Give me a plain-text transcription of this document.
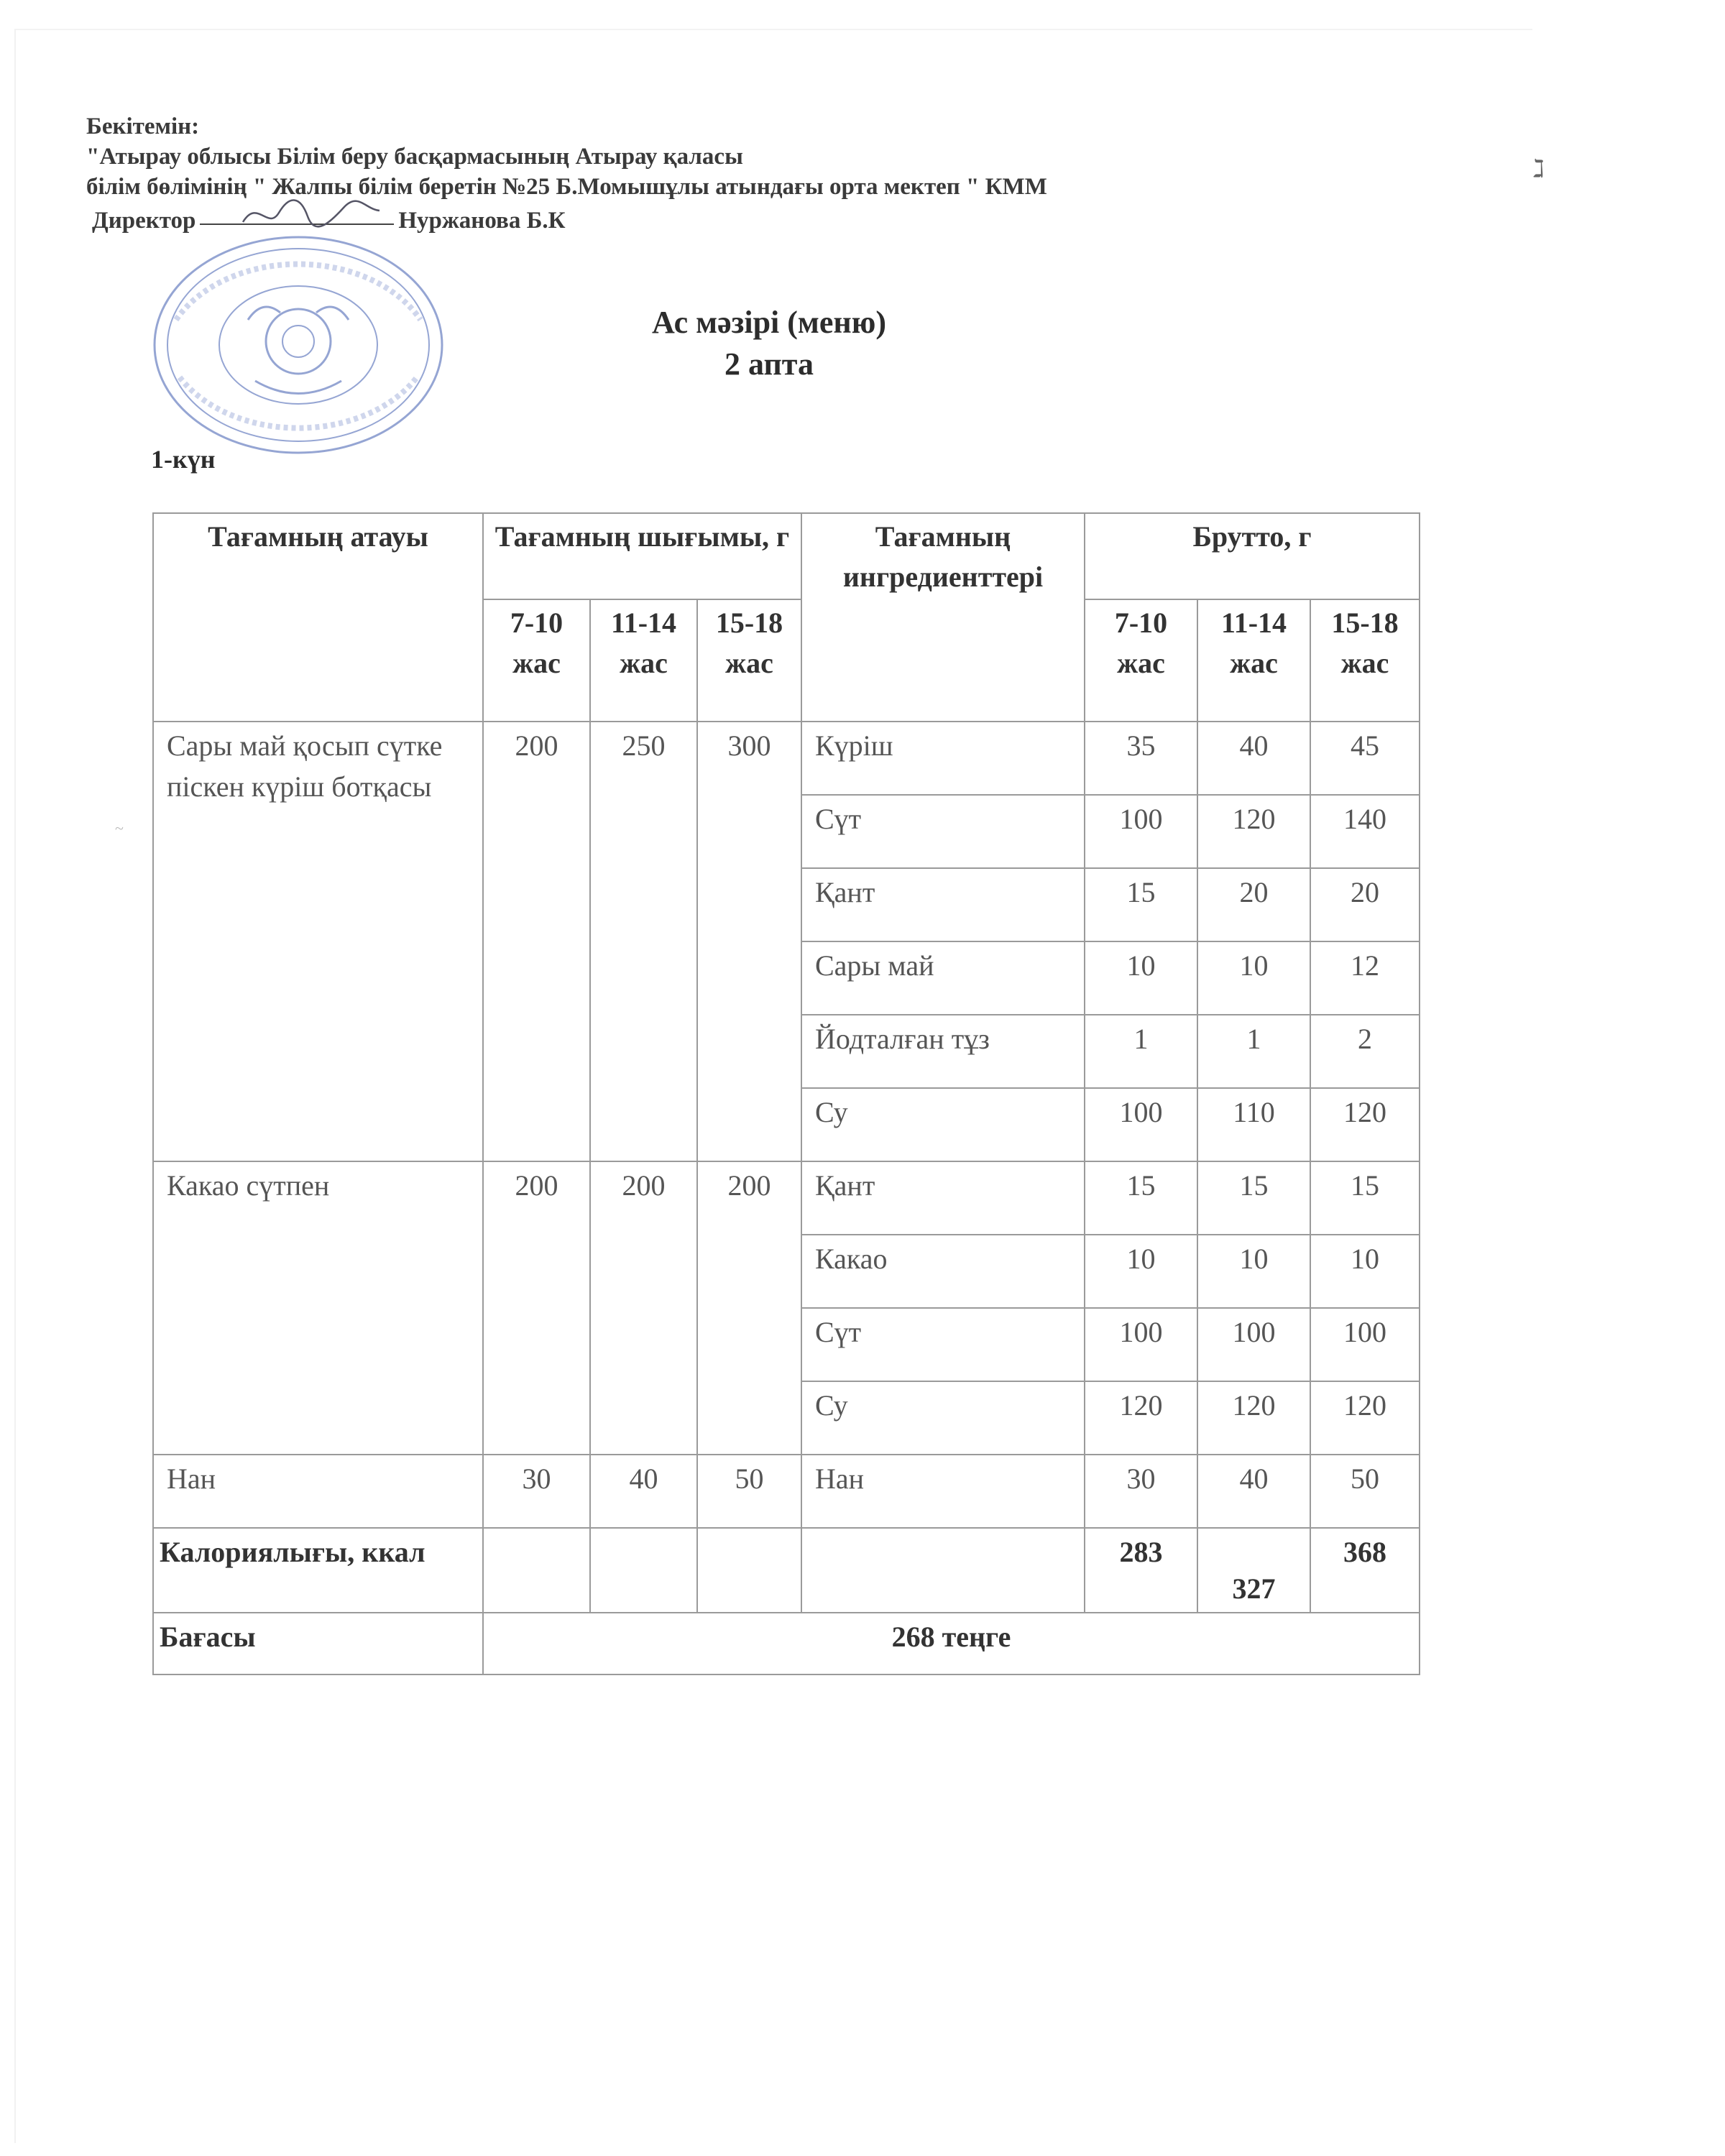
Бекітемін:
"Атырау облысы Білім беру басқармасының Атырау қаласы
білім бөлімінің " Жалпы білім беретін №25 Б.Момышұлы атындағы орта мектеп " КММ
Директор	Нуржанова Б.К
Ас мәзірі (меню)
2 апта
1-күн
ℷ
~
Тағамның атауы	Тағамның шығымы, г			Тағамның ингредиенттері	Брутто, г		
	7-10 жас	11-14 жас	15-18 жас		7-10 жас	11-14 жас	15-18 жас
Сары май қосып сүтке піскен күріш ботқасы	200	250	300	Күріш	35	40	45
				Сүт	100	120	140
				Қант	15	20	20
				Сары май	10	10	12
				Йодталған тұз	1	1	2
				Су	100	110	120
Какао сүтпен	200	200	200	Қант	15	15	15
				Какао	10	10	10
				Сүт	100	100	100
				Су	120	120	120
Нан	30	40	50	Нан	30	40	50
Калориялығы, ккал					283	327	368
Бағасы	268 теңге						
